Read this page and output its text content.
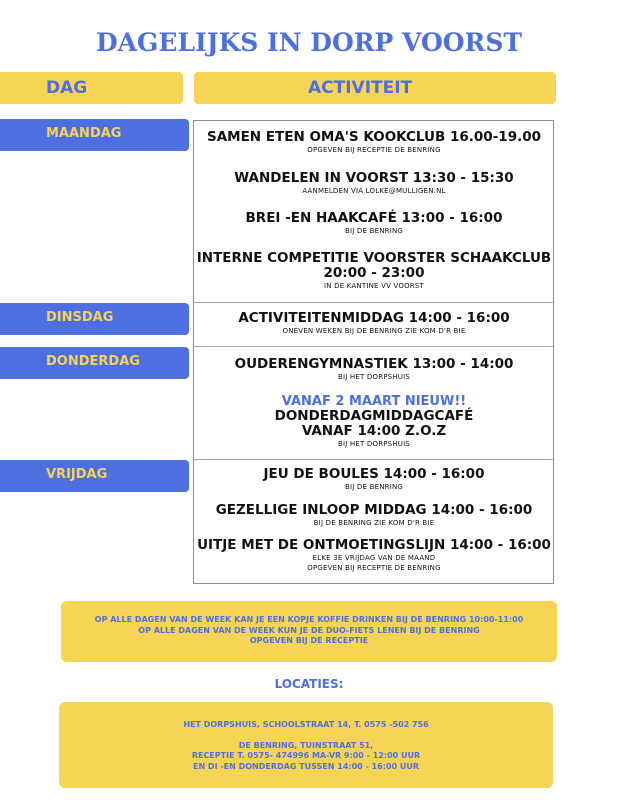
DAGELIJKS IN DORP VOORST
DAG	ACTIVITEIT
MAANDAG
DINSDAG
DONDERDAG
VRIJDAG
SAMEN ETEN OMA'S KOOKCLUB 16.00-19.00
OPGEVEN BIJ RECEPTIE DE BENRING
WANDELEN IN VOORST 13:30 - 15:30
AANMELDEN VIA LOLKE@MULLIGEN.NL
BREI -EN HAAKCAFÉ 13:00 - 16:00
BIJ DE BENRING
INTERNE COMPETITIE VOORSTER SCHAAKCLUB
20:00 - 23:00
IN DE KANTINE VV VOORST
ACTIVITEITENMIDDAG 14:00 - 16:00
ONEVEN WEKEN BIJ DE BENRING ZIE KOM D'R BIE
OUDERENGYMNASTIEK 13:00 - 14:00
BIJ HET DORPSHUIS
VANAF 2 MAART NIEUW!!
DONDERDAGMIDDAGCAFÉ
VANAF 14:00 Z.O.Z
BIJ HET DORPSHUIS
JEU DE BOULES 14:00 - 16:00
BIJ DE BENRING
GEZELLIGE INLOOP MIDDAG 14:00 - 16:00
BIJ DE BENRING ZIE KOM D'R BIE
UITJE MET DE ONTMOETINGSLIJN 14:00 - 16:00
ELKE 3E VRIJDAG VAN DE MAAND
OPGEVEN BIJ RECEPTIE DE BENRING
OP ALLE DAGEN VAN DE WEEK KAN JE EEN KOPJE KOFFIE DRINKEN BIJ DE BENRING 10:00-11:00
OP ALLE DAGEN VAN DE WEEK KUN JE DE DUO-FIETS LENEN BIJ DE BENRING
OPGEVEN BIJ DE RECEPTIE
LOCATIES:
HET DORPSHUIS, SCHOOLSTRAAT 14, T. 0575 -502 756
DE BENRING, TUINSTRAAT 51,
RECEPTIE T. 0575- 474996 MA-VR 9:00 - 12:00 UUR
EN DI -EN DONDERDAG TUSSEN 14:00 - 16:00 UUR
